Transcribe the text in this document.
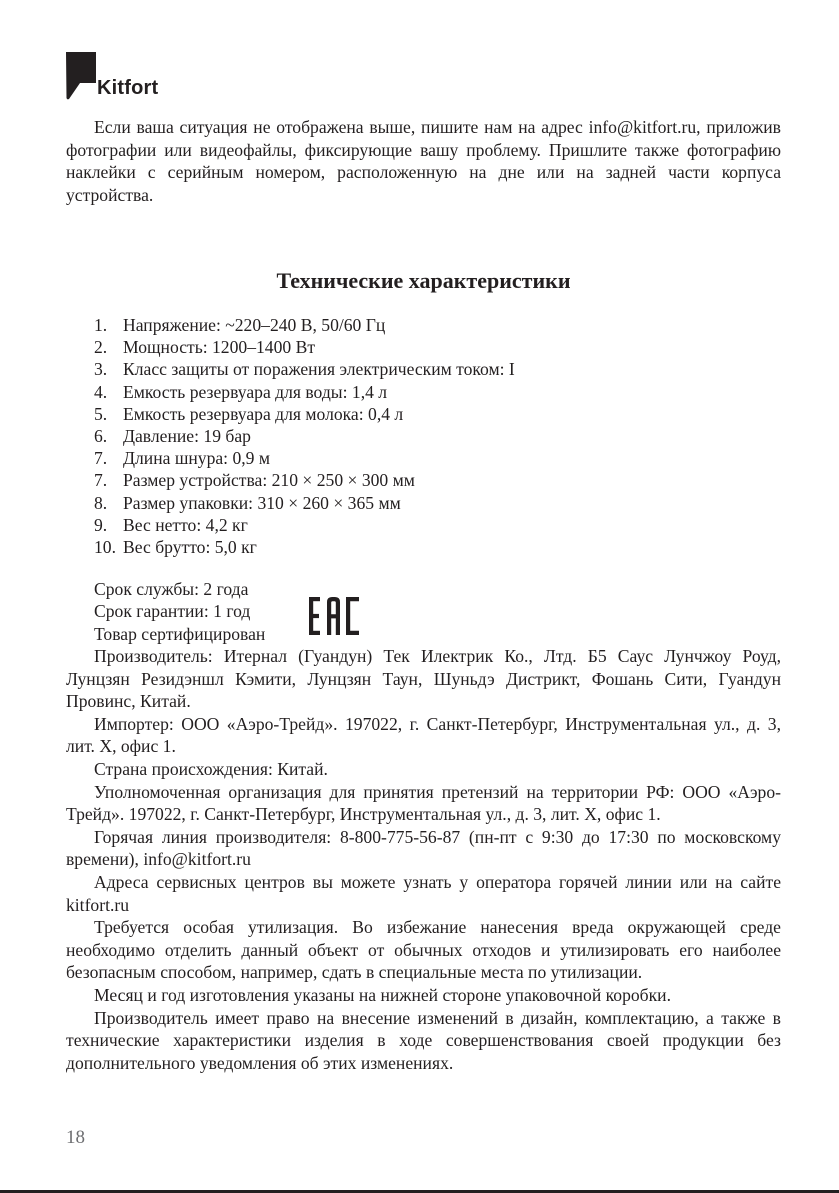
Kitfort

Если ваша ситуация не отображена выше, пишите нам на адрес info@kitfort.ru, приложив фотографии или видеофайлы, фиксирующие вашу проблему. Пришлите также фотографию наклейки с серийным номером, расположенную на дне или на задней части корпуса устройства.

Технические характеристики
1. Напряжение: ~220–240 В, 50/60 Гц
2. Мощность: 1200–1400 Вт
3. Класс защиты от поражения электрическим током: I
4. Емкость резервуара для воды: 1,4 л
5. Емкость резервуара для молока: 0,4 л
6. Давление: 19 бар
7. Длина шнура: 0,9 м
7. Размер устройства: 210 × 250 × 300 мм
8. Размер упаковки: 310 × 260 × 365 мм
9. Вес нетто: 4,2 кг
10. Вес брутто: 5,0 кг
Срок службы: 2 года
Срок гарантии: 1 год
Товар сертифицирован

Производитель: Итернал (Гуандун) Тек Илектрик Ко., Лтд. Б5 Саус Лунчжоу Роуд, Лунцзян Резидэншл Кэмити, Лунцзян Таун, Шуньдэ Дистрикт, Фошань Сити, Гуандун Провинс, Китай.

Импортер: ООО «Аэро-Трейд». 197022, г. Санкт-Петербург, Инструментальная ул., д. 3, лит. Х, офис 1.

Страна происхождения: Китай.

Уполномоченная организация для принятия претензий на территории РФ: ООО «Аэро-Трейд». 197022, г. Санкт-Петербург, Инструментальная ул., д. 3, лит. Х, офис 1.

Горячая линия производителя: 8-800-775-56-87 (пн-пт с 9:30 до 17:30 по московскому времени), info@kitfort.ru

Адреса сервисных центров вы можете узнать у оператора горячей линии или на сайте kitfort.ru

Требуется особая утилизация. Во избежание нанесения вреда окружающей среде необходимо отделить данный объект от обычных отходов и утилизировать его наиболее безопасным способом, например, сдать в специальные места по утилизации.

Месяц и год изготовления указаны на нижней стороне упаковочной коробки.

Производитель имеет право на внесение изменений в дизайн, комплектацию, а также в технические характеристики изделия в ходе совершенствования своей продукции без дополнительного уведомления об этих изменениях.

18
